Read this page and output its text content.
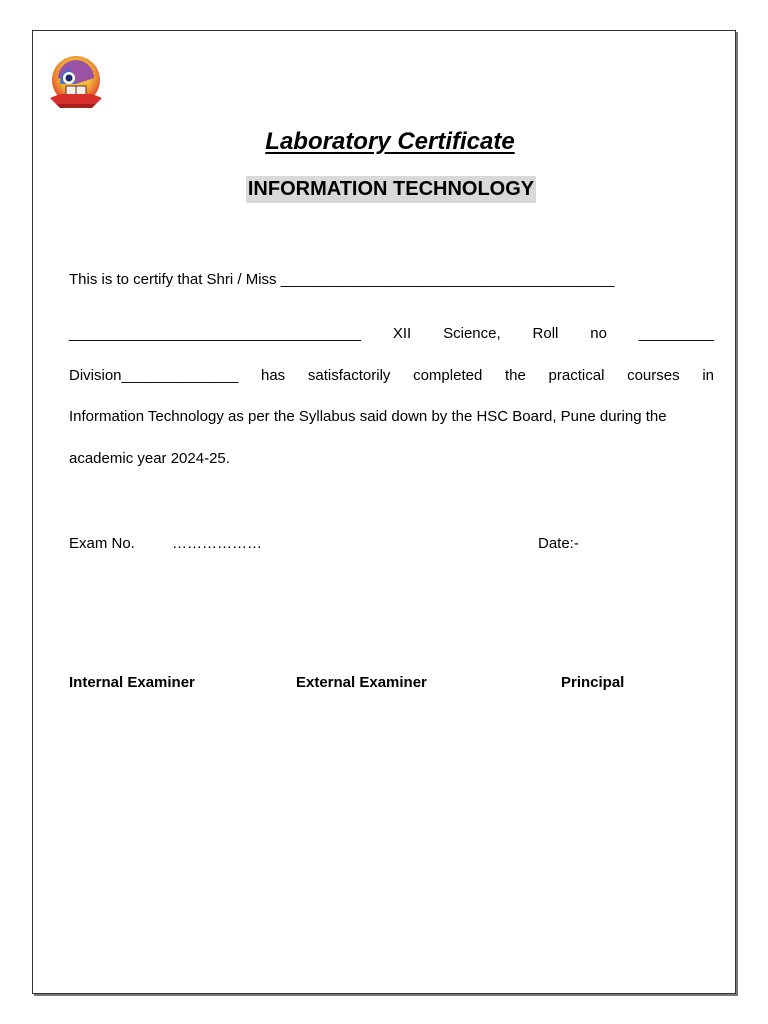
Laboratory Certificate
INFORMATION TECHNOLOGY
This is to certify that Shri / Miss ________________________________________
___________________________________ XII Science, Roll no _________
Division______________ has satisfactorily completed the practical courses in
Information Technology as per the Syllabus said down by the HSC Board, Pune during the
academic year 2024-25.
Exam No. ………………	Date:-
Internal Examiner	External Examiner	Principal
